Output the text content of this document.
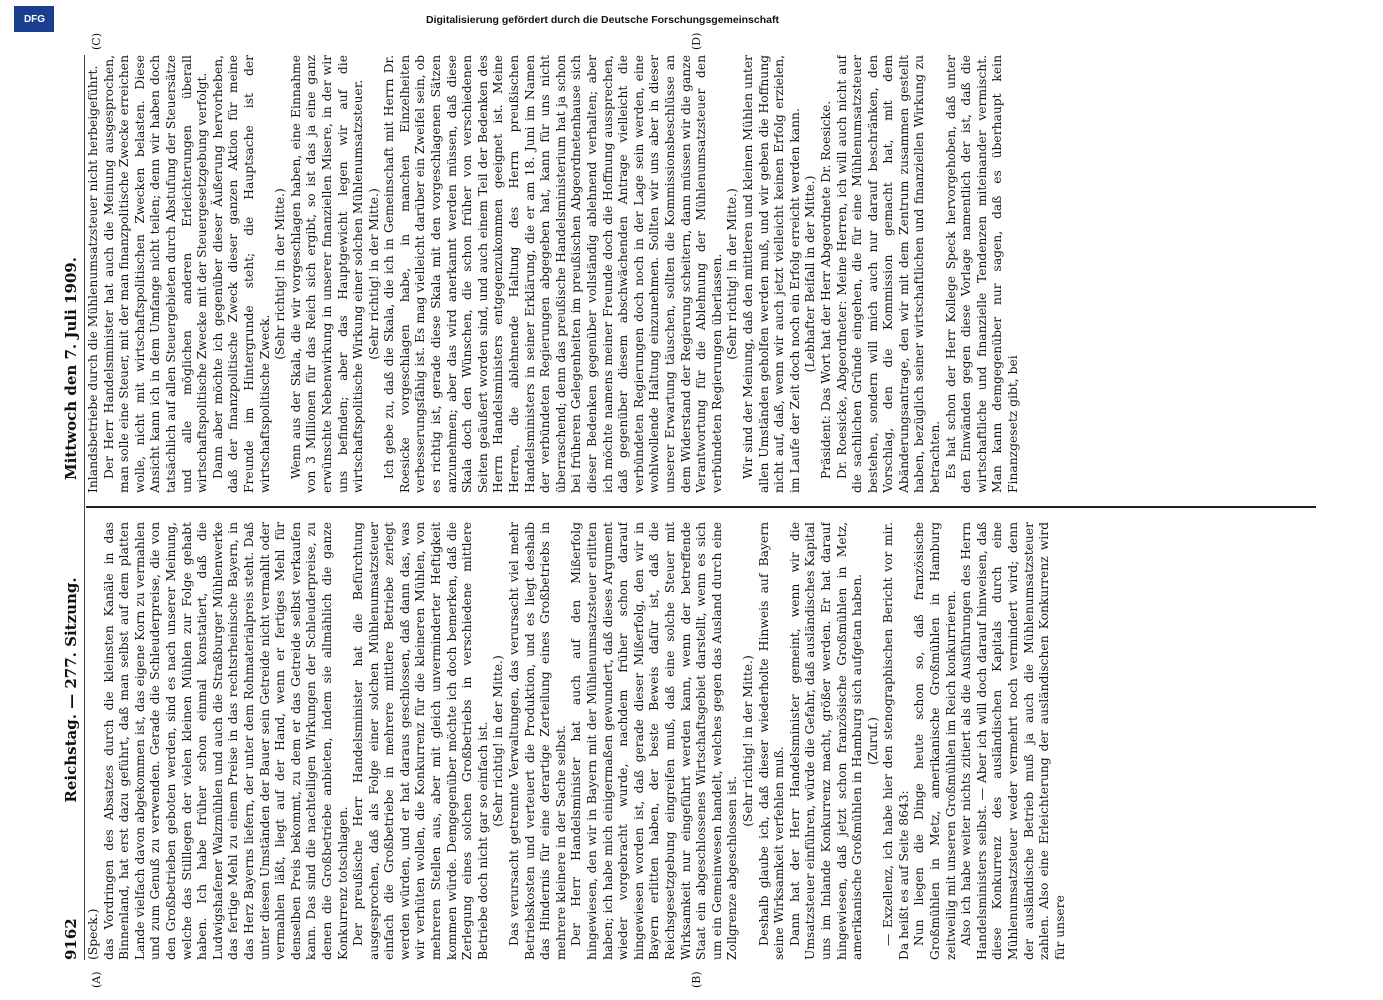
9162
Reichstag. — 277. Sitzung.
Mittwoch den 7. Juli 1909.
(A)	(B)
(C)	(D)

(Speck.) das Vordringen des Absatzes durch die kleinsten Kanäle in das Binnenland, hat erst dazu geführt, daß man selbst auf dem platten Lande vielfach davon abgekommen ist, das eigene Korn zu vermahlen und zum Genuß zu verwenden. Gerade die Schleuderpreise, die von den Großbetrieben geboten werden, sind es nach unserer Meinung, welche das Stilllegen der vielen kleinen Mühlen zur Folge gehabt haben. Ich habe früher schon einmal konstatiert, daß die Ludwigshafener Walzmühlen und auch die Straßburger Mühlenwerke das fertige Mehl zu einem Preise in das rechtsrheinische Bayern, in das Herz Bayerns liefern, der unter dem Rohmaterialpreis steht. Daß unter diesen Umständen der Bauer sein Getreide nicht vermahlt oder vermahlen läßt, liegt auf der Hand, wenn er fertiges Mehl für denselben Preis bekommt, zu dem er das Getreide selbst verkaufen kann. Das sind die nachteiligen Wirkungen der Schleuderpreise, zu denen die Großbetriebe anbieten, indem sie allmählich die ganze Konkurrenz totschlagen. Der preußische Herr Handelsminister hat die Befürchtung ausgesprochen, daß als Folge einer solchen Mühlenumsatzsteuer einfach die Großbetriebe in mehrere mittlere Betriebe zerlegt werden würden, und er hat daraus geschlossen, daß dann das, was wir verhüten wollen, die Konkurrenz für die kleineren Mühlen, von mehreren Stellen aus, aber mit gleich unverminderter Heftigkeit kommen würde. Demgegenüber möchte ich doch bemerken, daß die Zerlegung eines solchen Großbetriebs in verschiedene mittlere Betriebe doch nicht gar so einfach ist. (Sehr richtig! in der Mitte.) Das verursacht getrennte Verwaltungen, das verursacht viel mehr Betriebskosten und verteuert die Produktion, und es liegt deshalb das Hindernis für eine derartige Zerteilung eines Großbetriebs in mehrere kleinere in der Sache selbst. Der Herr Handelsminister hat auch auf den Mißerfolg hingewiesen, den wir in Bayern mit der Mühlenumsatzsteuer erlitten haben; ich habe mich einigermaßen gewundert, daß dieses Argument wieder vorgebracht wurde, nachdem früher schon darauf hingewiesen worden ist, daß gerade dieser Mißerfolg, den wir in Bayern erlitten haben, der beste Beweis dafür ist, daß die Reichsgesetzgebung eingreifen muß, daß eine solche Steuer mit Wirksamkeit nur eingeführt werden kann, wenn der betreffende Staat ein abgeschlossenes Wirtschaftsgebiet darstellt, wenn es sich um ein Gemeinwesen handelt, welches gegen das Ausland durch eine Zollgrenze abgeschlossen ist.

(Sehr richtig! in der Mitte.) Deshalb glaube ich, daß dieser wiederholte Hinweis auf Bayern seine Wirksamkeit verfehlen muß. Dann hat der Herr Handelsminister gemeint, wenn wir die Umsatzsteuer einführen, würde die Gefahr, daß ausländisches Kapital uns im Inlande Konkurrenz macht, größer werden. Er hat darauf hingewiesen, daß jetzt schon französische Großmühlen in Metz, amerikanische Großmühlen in Hamburg sich aufgetan haben. (Zuruf.) — Exzellenz, ich habe hier den stenographischen Bericht vor mir. Da heißt es auf Seite 8643: Nun liegen die Dinge heute schon so, daß französische Großmühlen in Metz, amerikanische Großmühlen in Hamburg zeitweilig mit unseren Großmühlen im Reich konkurrieren. Also ich habe weiter nichts zitiert als die Ausführungen des Herrn Handelsministers selbst. — Aber ich will doch darauf hinweisen, daß diese Konkurrenz des ausländischen Kapitals durch eine Mühlenumsatzsteuer weder vermehrt noch vermindert wird; denn der ausländische Betrieb muß ja auch die Mühlenumsatzsteuer zahlen. Also eine Erleichterung der ausländischen Konkurrenz wird für unsere

Inlandsbetriebe durch die Mühlenumsatzsteuer nicht herbeigeführt. Der Herr Handelsminister hat auch die Meinung ausgesprochen, man solle eine Steuer, mit der man finanzpolitische Zwecke erreichen wolle, nicht mit wirtschaftspolitischen Zwecken belasten. Diese Ansicht kann ich in dem Umfange nicht teilen; denn wir haben doch tatsächlich auf allen Steuergebieten durch Abstufung der Steuersätze und alle möglichen anderen Erleichterungen überall wirtschaftspolitische Zwecke mit der Steuergesetzgebung verfolgt. Dann aber möchte ich gegenüber dieser Äußerung hervorheben, daß der finanzpolitische Zweck dieser ganzen Aktion für meine Freunde im Hintergrunde steht; die Hauptsache ist der wirtschaftspolitische Zweck.

(Sehr richtig! in der Mitte.) Wenn aus der Skala, die wir vorgeschlagen haben, eine Einnahme von 3 Millionen für das Reich sich ergibt, so ist das ja eine ganz erwünschte Nebenwirkung in unserer finanziellen Misere, in der wir uns befinden; aber das Hauptgewicht legen wir auf die wirtschaftspolitische Wirkung einer solchen Mühlenumsatzsteuer. (Sehr richtig! in der Mitte.) Ich gebe zu, daß die Skala, die ich in Gemeinschaft mit Herrn Dr. Roesicke vorgeschlagen habe, in manchen Einzelheiten verbesserungsfähig ist. Es mag vielleicht darüber ein Zweifel sein, ob es richtig ist, gerade diese Skala mit den vorgeschlagenen Sätzen anzunehmen; aber das wird anerkannt werden müssen, daß diese Skala doch den Wünschen, die schon früher von verschiedenen Seiten geäußert worden sind, und auch einem Teil der Bedenken des Herrn Handelsministers entgegenzukommen geeignet ist. Meine Herren, die ablehnende Haltung des Herrn preußischen Handelsministers in seiner Erklärung, die er am 18. Juni im Namen der verbündeten Regierungen abgegeben hat, kann für uns nicht überraschend; denn das preußische Handelsministerium hat ja schon bei früheren Gelegenheiten im preußischen Abgeordnetenhause sich dieser Bedenken gegenüber vollständig ablehnend verhalten; aber ich möchte namens meiner Freunde doch die Hoffnung aussprechen, daß gegenüber diesem abschwächenden Antrage vielleicht die verbündeten Regierungen doch noch in der Lage sein werden, eine wohlwollende Haltung einzunehmen. Sollten wir uns aber in dieser unserer Erwartung täuschen, sollten die Kommissionsbeschlüsse an dem Widerstand der Regierung scheitern, dann müssen wir die ganze Verantwortung für die Ablehnung der Mühlenumsatzsteuer den verbündeten Regierungen überlassen. (Sehr richtig! in der Mitte.) Wir sind der Meinung, daß den mittleren und kleinen Mühlen unter allen Umständen geholfen werden muß, und wir geben die Hoffnung nicht auf, daß, wenn wir auch jetzt vielleicht keinen Erfolg erzielen, im Laufe der Zeit doch noch ein Erfolg erreicht werden kann. (Lebhafter Beifall in der Mitte.) Präsident: Das Wort hat der Herr Abgeordnete Dr. Roesicke. Dr. Roesicke, Abgeordneter: Meine Herren, ich will auch nicht auf die sachlichen Gründe eingehen, die für eine Mühlenumsatzsteuer bestehen, sondern will mich auch nur darauf beschränken, den Vorschlag, den die Kommission gemacht hat, mit dem Abänderungsantrage, den wir mit dem Zentrum zusammen gestellt haben, bezüglich seiner wirtschaftlichen und finanziellen Wirkung zu betrachten. Es hat schon der Herr Kollege Speck hervorgehoben, daß unter den Einwänden gegen diese Vorlage namentlich der ist, daß die wirtschaftliche und finanzielle Tendenzen miteinander vermischt. Man kann demgegenüber nur sagen, daß es überhaupt kein Finanzgesetz gibt, bei

DFG	Digitalisierung gefördert durch die Deutsche Forschungsgemeinschaft
